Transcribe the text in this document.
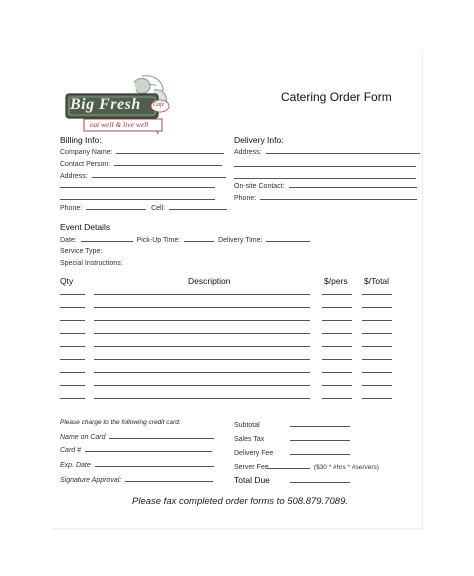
Big Fresh
eat well & live well
Cafe
Catering Order Form
Billing Info:
Company Name:
Contact Person:
Address:
Phone:	Cell:
Delivery Info:
Address:
On-site Contact:
Phone:
Event Details
Date:	Pick-Up Time:	Delivery Time:
Service Type:
Special Instructions:
Qty	Description	$/pers $/Total
Please charge to the following credit card:
Name on Card
Card #
Exp. Date
Signature Approval:
Subtotal
Sales Tax
Delivery Fee
Server Fee	($30 * #hrs * #servers)
Total Due
Please fax completed order forms to 508.879.7089.
